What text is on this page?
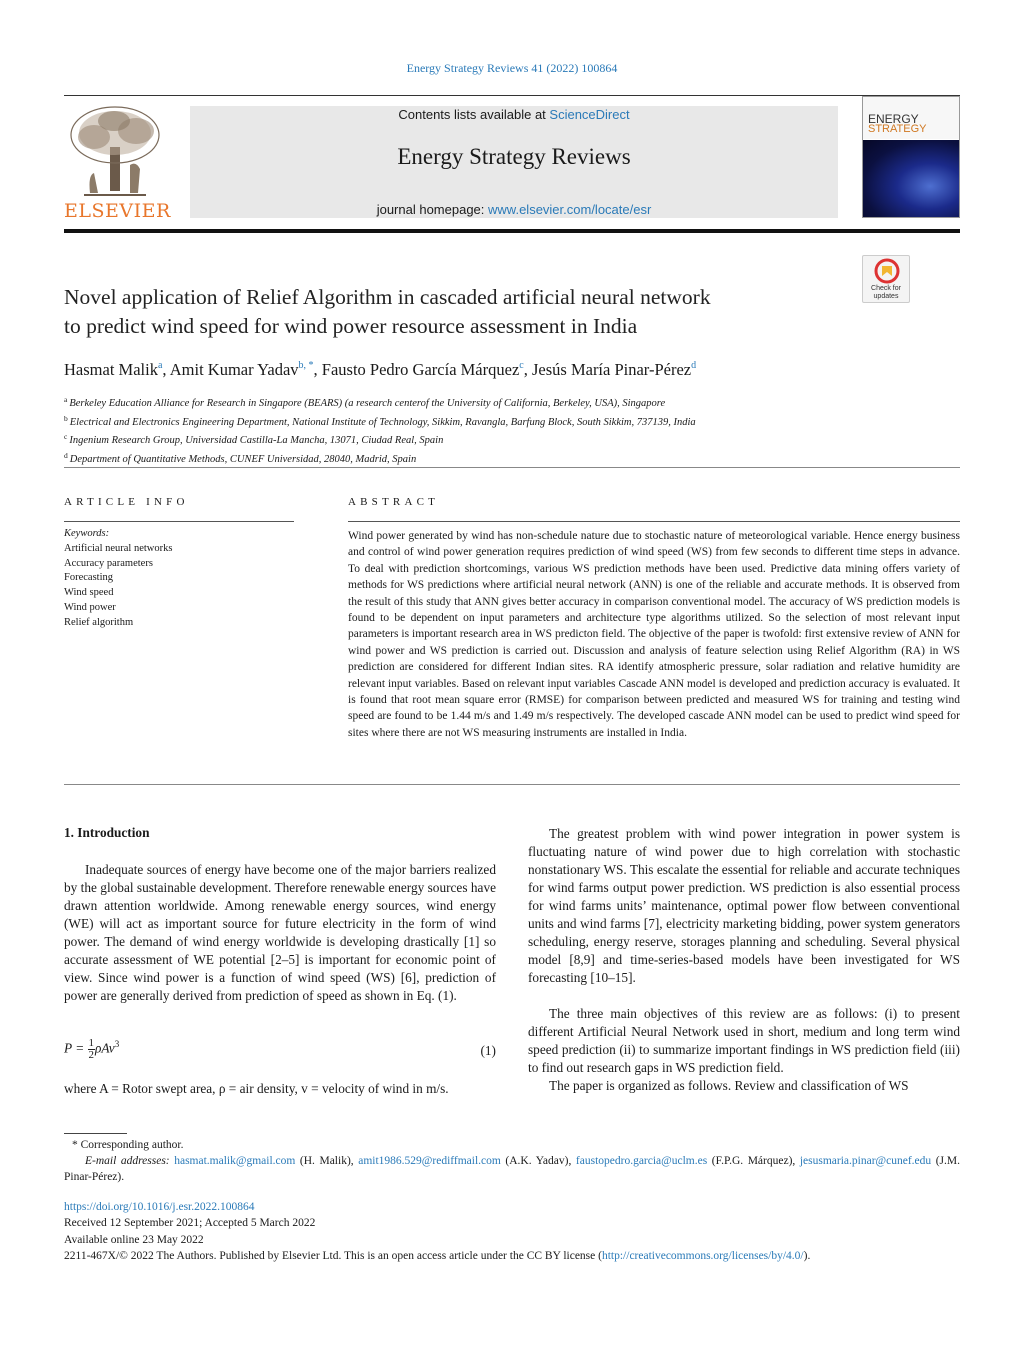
Energy Strategy Reviews 41 (2022) 100864
ELSEVIER
Contents lists available at ScienceDirect
Energy Strategy Reviews
journal homepage: www.elsevier.com/locate/esr
ENERGY
STRATEGY
Check for updates
Novel application of Relief Algorithm in cascaded artificial neural network
to predict wind speed for wind power resource assessment in India
Hasmat Malik$^a$, Amit Kumar Yadav$^{b, *}$, Fausto Pedro García Márquez$^c$, Jesús María Pinar-Pérez$^d$
$^a$ Berkeley Education Alliance for Research in Singapore (BEARS) (a research centerof the University of California, Berkeley, USA), Singapore
$^b$ Electrical and Electronics Engineering Department, National Institute of Technology, Sikkim, Ravangla, Barfung Block, South Sikkim, 737139, India
$^c$ Ingenium Research Group, Universidad Castilla-La Mancha, 13071, Ciudad Real, Spain
$^d$ Department of Quantitative Methods, CUNEF Universidad, 28040, Madrid, Spain
ARTICLE INFO
Keywords:
Artificial neural networks
Accuracy parameters
Forecasting
Wind speed
Wind power
Relief algorithm
ABSTRACT
Wind power generated by wind has non-schedule nature due to stochastic nature of meteorological variable. Hence energy business and control of wind power generation requires prediction of wind speed (WS) from few seconds to different time steps in advance. To deal with prediction shortcomings, various WS prediction methods have been used. Predictive data mining offers variety of methods for WS predictions where artificial neural network (ANN) is one of the reliable and accurate methods. It is observed from the result of this study that ANN gives better accuracy in comparison conventional model. The accuracy of WS prediction models is found to be dependent on input parameters and architecture type algorithms utilized. So the selection of most relevant input parameters is important research area in WS predicton field. The objective of the paper is twofold: first extensive review of ANN for wind power and WS prediction is carried out. Discussion and analysis of feature selection using Relief Algorithm (RA) in WS prediction are considered for different Indian sites. RA identify atmospheric pressure, solar radiation and relative humidity are relevant input variables. Based on relevant input variables Cascade ANN model is developed and prediction accuracy is evaluated. It is found that root mean square error (RMSE) for comparison between predicted and measured WS for training and testing wind speed are found to be 1.44 m/s and 1.49 m/s respectively. The developed cascade ANN model can be used to predict wind speed for sites where there are not WS measuring instruments are installed in India.
1. Introduction
Inadequate sources of energy have become one of the major barriers realized by the global sustainable development. Therefore renewable energy sources have drawn attention worldwide. Among renewable energy sources, wind energy (WE) will act as important source for future electricity in the form of wind power. The demand of wind energy worldwide is developing drastically [1] so accurate assessment of WE potential [2–5] is important for economic point of view. Since wind power is a function of wind speed (WS) [6], prediction of power are generally derived from prediction of speed as shown in Eq. (1).
$P = \frac{1}{2}\rho Av^3$	(1)
where A = Rotor swept area, ρ = air density, v = velocity of wind in m/s.
The greatest problem with wind power integration in power system is fluctuating nature of wind power due to high correlation with stochastic nonstationary WS. This escalate the essential for reliable and accurate techniques for wind farms output power prediction. WS prediction is also essential process for wind farms units’ maintenance, optimal power flow between conventional units and wind farms [7], electricity marketing bidding, power system generators scheduling, energy reserve, storages planning and scheduling. Several physical model [8,9] and time-series-based models have been investigated for WS forecasting [10–15].
The three main objectives of this review are as follows: (i) to present different Artificial Neural Network used in short, medium and long term wind speed prediction (ii) to summarize important findings in WS prediction field (iii) to find out research gaps in WS prediction field.
The paper is organized as follows. Review and classification of WS
* Corresponding author.
E-mail addresses: hasmat.malik@gmail.com (H. Malik), amit1986.529@rediffmail.com (A.K. Yadav), faustopedro.garcia@uclm.es (F.P.G. Márquez), jesusmaria.pinar@cunef.edu (J.M. Pinar-Pérez).
https://doi.org/10.1016/j.esr.2022.100864
Received 12 September 2021; Accepted 5 March 2022
Available online 23 May 2022
2211-467X/© 2022 The Authors. Published by Elsevier Ltd. This is an open access article under the CC BY license (http://creativecommons.org/licenses/by/4.0/).
